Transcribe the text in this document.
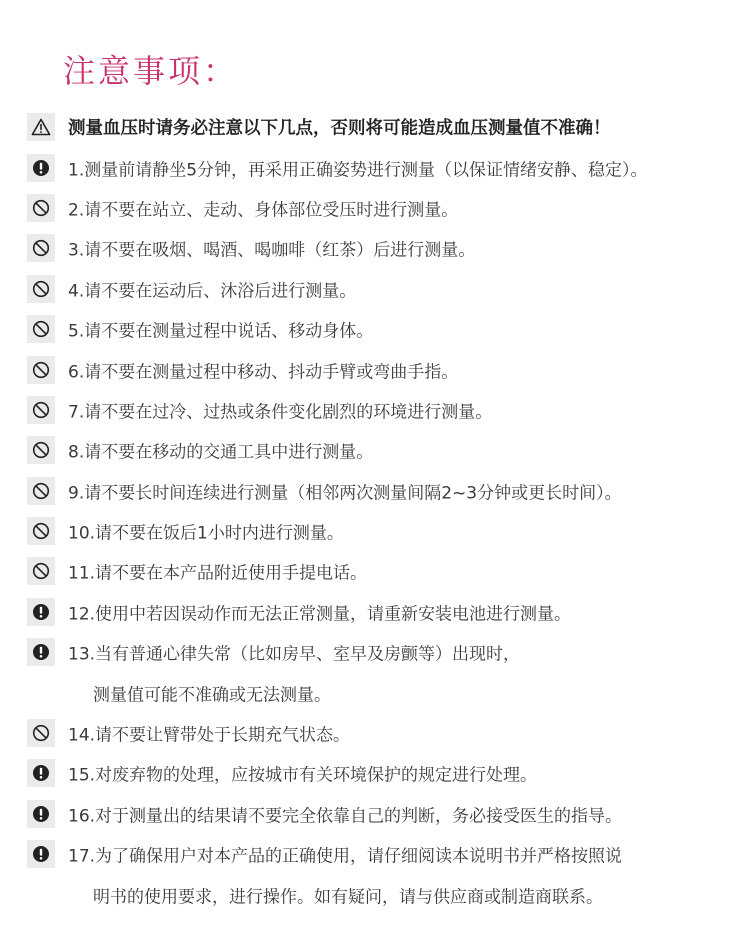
注意事项：
测量血压时请务必注意以下几点，否则将可能造成血压测量值不准确！
1.测量前请静坐5分钟，再采用正确姿势进行测量（以保证情绪安静、稳定）。
2.请不要在站立、走动、身体部位受压时进行测量。
3.请不要在吸烟、喝酒、喝咖啡（红茶）后进行测量。
4.请不要在运动后、沐浴后进行测量。
5.请不要在测量过程中说话、移动身体。
6.请不要在测量过程中移动、抖动手臂或弯曲手指。
7.请不要在过冷、过热或条件变化剧烈的环境进行测量。
8.请不要在移动的交通工具中进行测量。
9.请不要长时间连续进行测量（相邻两次测量间隔2~3分钟或更长时间）。
10.请不要在饭后1小时内进行测量。
11.请不要在本产品附近使用手提电话。
12.使用中若因误动作而无法正常测量，请重新安装电池进行测量。
13.当有普通心律失常（比如房早、室早及房颤等）出现时，
测量值可能不准确或无法测量。
14.请不要让臂带处于长期充气状态。
15.对废弃物的处理，应按城市有关环境保护的规定进行处理。
16.对于测量出的结果请不要完全依靠自己的判断，务必接受医生的指导。
17.为了确保用户对本产品的正确使用，请仔细阅读本说明书并严格按照说
明书的使用要求，进行操作。如有疑问，请与供应商或制造商联系。
